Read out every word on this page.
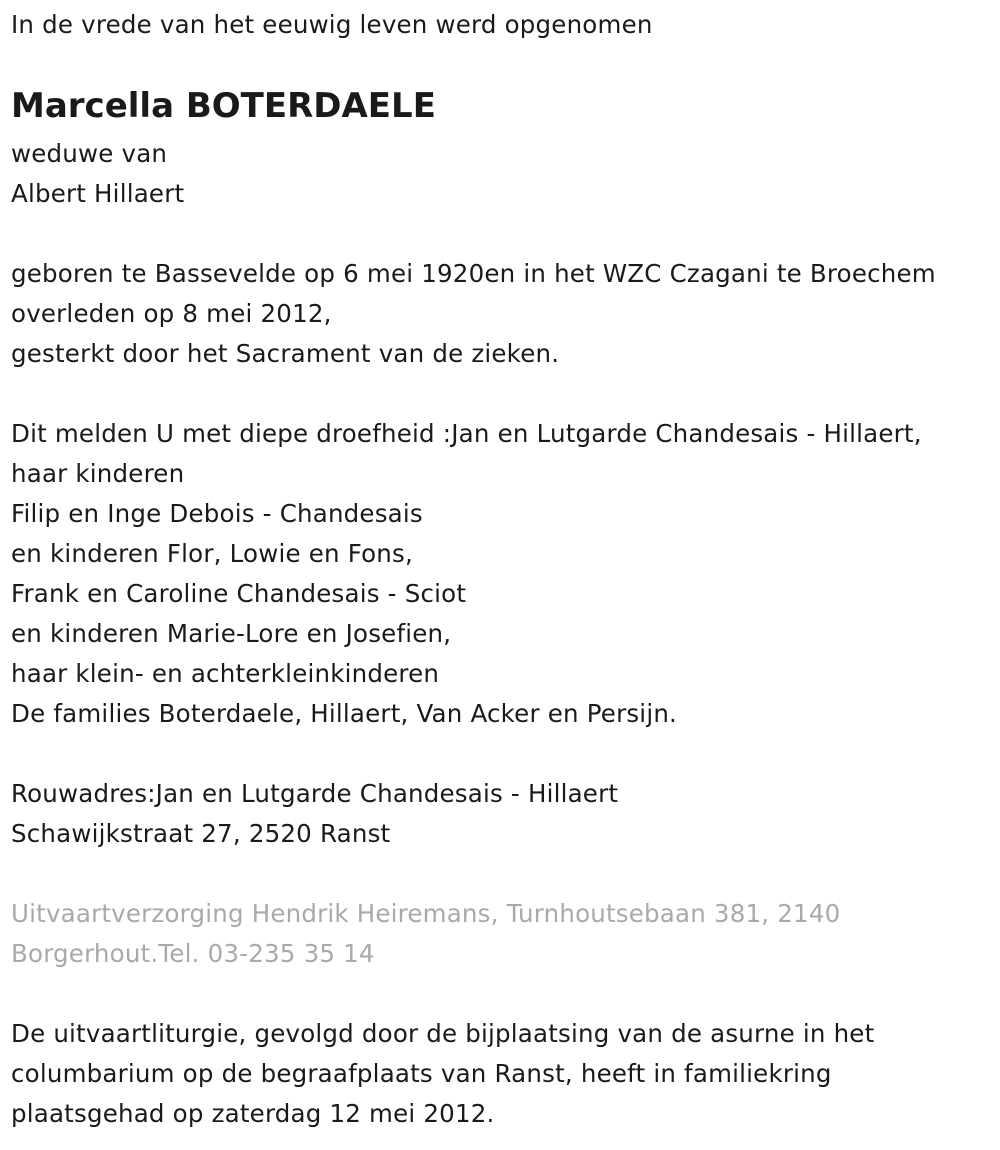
In de vrede van het eeuwig leven werd opgenomen
Marcella BOTERDAELE
weduwe van
Albert Hillaert
geboren te Bassevelde op 6 mei 1920en in het WZC Czagani te Broechem
overleden op 8 mei 2012,
gesterkt door het Sacrament van de zieken.
Dit melden U met diepe droefheid :Jan en Lutgarde Chandesais - Hillaert,
haar kinderen
Filip en Inge Debois - Chandesais
en kinderen Flor, Lowie en Fons,
Frank en Caroline Chandesais - Sciot
en kinderen Marie-Lore en Josefien,
haar klein- en achterkleinkinderen
De families Boterdaele, Hillaert, Van Acker en Persijn.
Rouwadres:Jan en Lutgarde Chandesais - Hillaert
Schawijkstraat 27, 2520 Ranst
Uitvaartverzorging Hendrik Heiremans, Turnhoutsebaan 381, 2140
Borgerhout.Tel. 03-235 35 14
De uitvaartliturgie, gevolgd door de bijplaatsing van de asurne in het
columbarium op de begraafplaats van Ranst, heeft in familiekring
plaatsgehad op zaterdag 12 mei 2012.
